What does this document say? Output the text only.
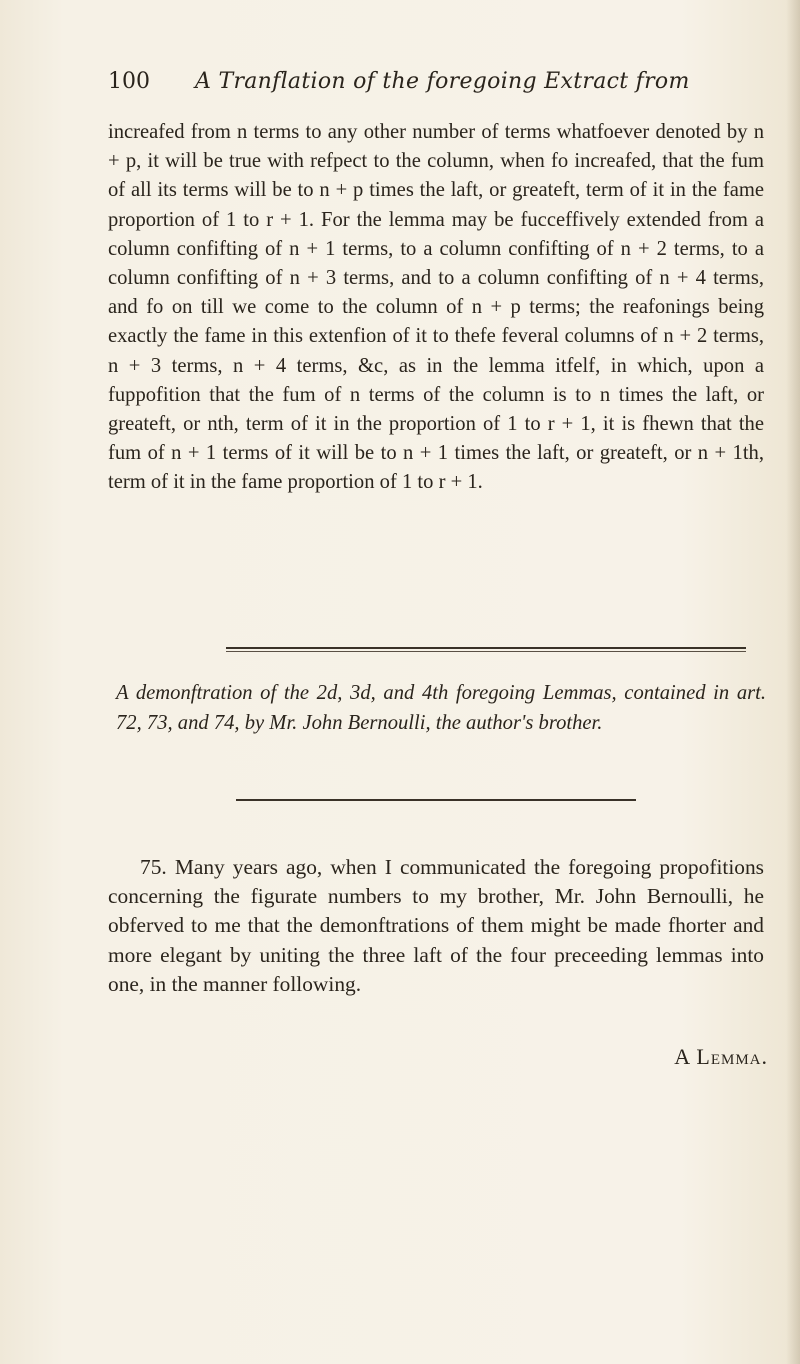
100 A Tranflation of the foregoing Extract from

increafed from n terms to any other number of terms whatfoever denoted by n + p, it will be true with refpect to the column, when fo increafed, that the fum of all its terms will be to n + p times the laft, or greateft, term of it in the fame proportion of 1 to r + 1. For the lemma may be fucceffively extended from a column confifting of n + 1 terms, to a column confifting of n + 2 terms, to a column confifting of n + 3 terms, and to a column confifting of n + 4 terms, and fo on till we come to the column of n + p terms; the reafonings being exactly the fame in this extenfion of it to thefe feveral columns of n + 2 terms, n + 3 terms, n + 4 terms, &c, as in the lemma itfelf, in which, upon a fuppofition that the fum of n terms of the column is to n times the laft, or greateft, or nth, term of it in the proportion of 1 to r + 1, it is fhewn that the fum of n + 1 terms of it will be to n + 1 times the laft, or greateft, or n + 1th, term of it in the fame proportion of 1 to r + 1.

A demonftration of the 2d, 3d, and 4th foregoing Lemmas, contained in art. 72, 73, and 74, by Mr. John Bernoulli, the author's brother.

75. Many years ago, when I communicated the foregoing propofitions concerning the figurate numbers to my brother, Mr. John Bernoulli, he obferved to me that the demonftrations of them might be made fhorter and more elegant by uniting the three laft of the four preceeding lemmas into one, in the manner following.

A Lemma.
